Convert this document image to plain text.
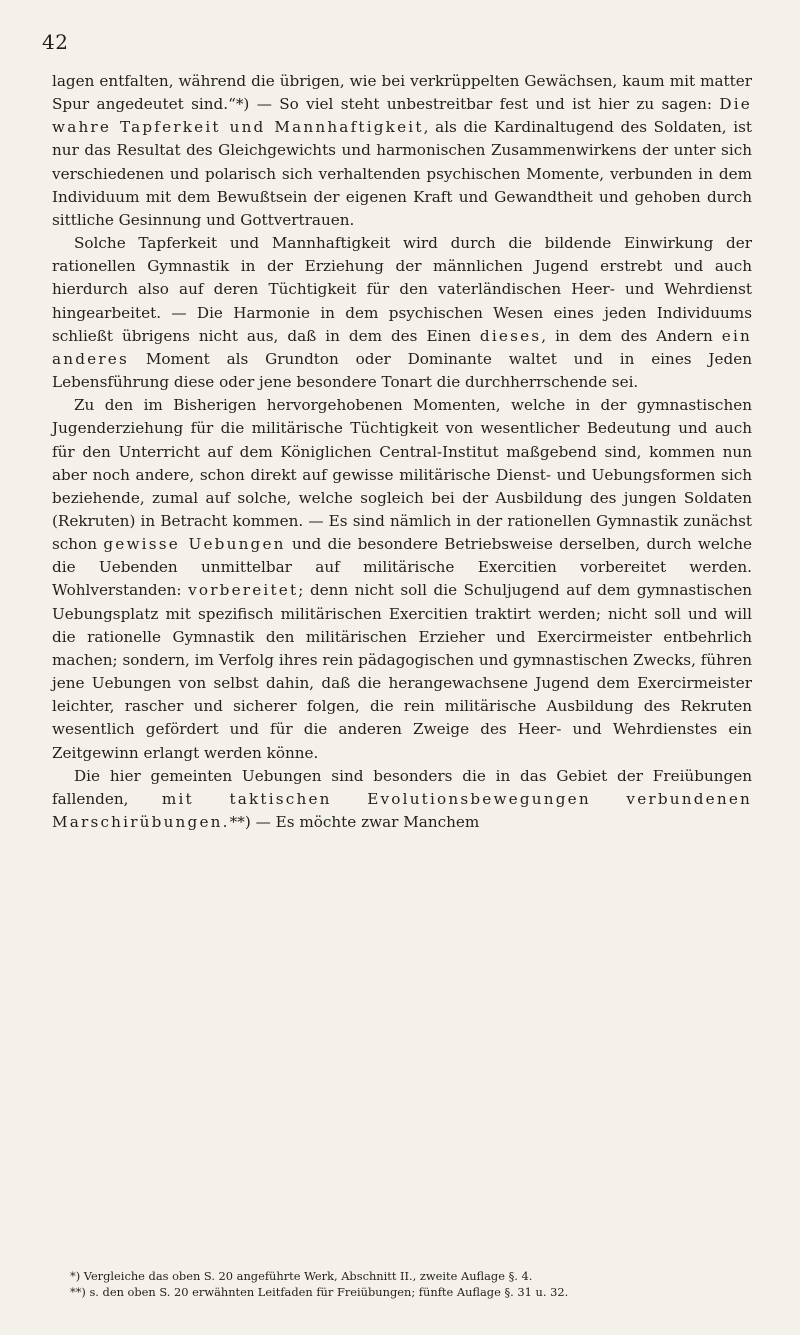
42

lagen entfalten, während die übrigen, wie bei verkrüppelten Gewächsen, kaum mit matter Spur angedeutet sind.“*) — So viel steht unbestreitbar fest und ist hier zu sagen: Die wahre Tapferkeit und Mannhaftigkeit, als die Kardinaltugend des Soldaten, ist nur das Resultat des Gleichgewichts und harmonischen Zusammenwirkens der unter sich verschiedenen und polarisch sich verhaltenden psychischen Momente, verbunden in dem Individuum mit dem Bewußtsein der eigenen Kraft und Gewandtheit und gehoben durch sittliche Gesinnung und Gottvertrauen.

Solche Tapferkeit und Mannhaftigkeit wird durch die bildende Einwirkung der rationellen Gymnastik in der Erziehung der männlichen Jugend erstrebt und auch hierdurch also auf deren Tüchtigkeit für den vaterländischen Heer- und Wehrdienst hingearbeitet. — Die Harmonie in dem psychischen Wesen eines jeden Individuums schließt übrigens nicht aus, daß in dem des Einen dieses, in dem des Andern ein anderes Moment als Grundton oder Dominante waltet und in eines Jeden Lebensführung diese oder jene besondere Tonart die durchherrschende sei.

Zu den im Bisherigen hervorgehobenen Momenten, welche in der gymnastischen Jugenderziehung für die militärische Tüchtigkeit von wesentlicher Bedeutung und auch für den Unterricht auf dem Königlichen Central-Institut maßgebend sind, kommen nun aber noch andere, schon direkt auf gewisse militärische Dienst- und Uebungsformen sich beziehende, zumal auf solche, welche sogleich bei der Ausbildung des jungen Soldaten (Rekruten) in Betracht kommen. — Es sind nämlich in der rationellen Gymnastik zunächst schon gewisse Uebungen und die besondere Betriebsweise derselben, durch welche die Uebenden unmittelbar auf militärische Exercitien vorbereitet werden. Wohlverstanden: vorbereitet; denn nicht soll die Schuljugend auf dem gymnastischen Uebungsplatz mit spezifisch militärischen Exercitien traktirt werden; nicht soll und will die rationelle Gymnastik den militärischen Erzieher und Exercirmeister entbehrlich machen; sondern, im Verfolg ihres rein pädagogischen und gymnastischen Zwecks, führen jene Uebungen von selbst dahin, daß die herangewachsene Jugend dem Exercirmeister leichter, rascher und sicherer folgen, die rein militärische Ausbildung des Rekruten wesentlich gefördert und für die anderen Zweige des Heer- und Wehrdienstes ein Zeitgewinn erlangt werden könne.

Die hier gemeinten Uebungen sind besonders die in das Gebiet der Freiübungen fallenden, mit taktischen Evolutionsbewegungen verbundenen Marschirübungen.**) — Es möchte zwar Manchem

*) Vergleiche das oben S. 20 angeführte Werk, Abschnitt II., zweite Auflage §. 4.
**) s. den oben S. 20 erwähnten Leitfaden für Freiübungen; fünfte Auflage §. 31 u. 32.
